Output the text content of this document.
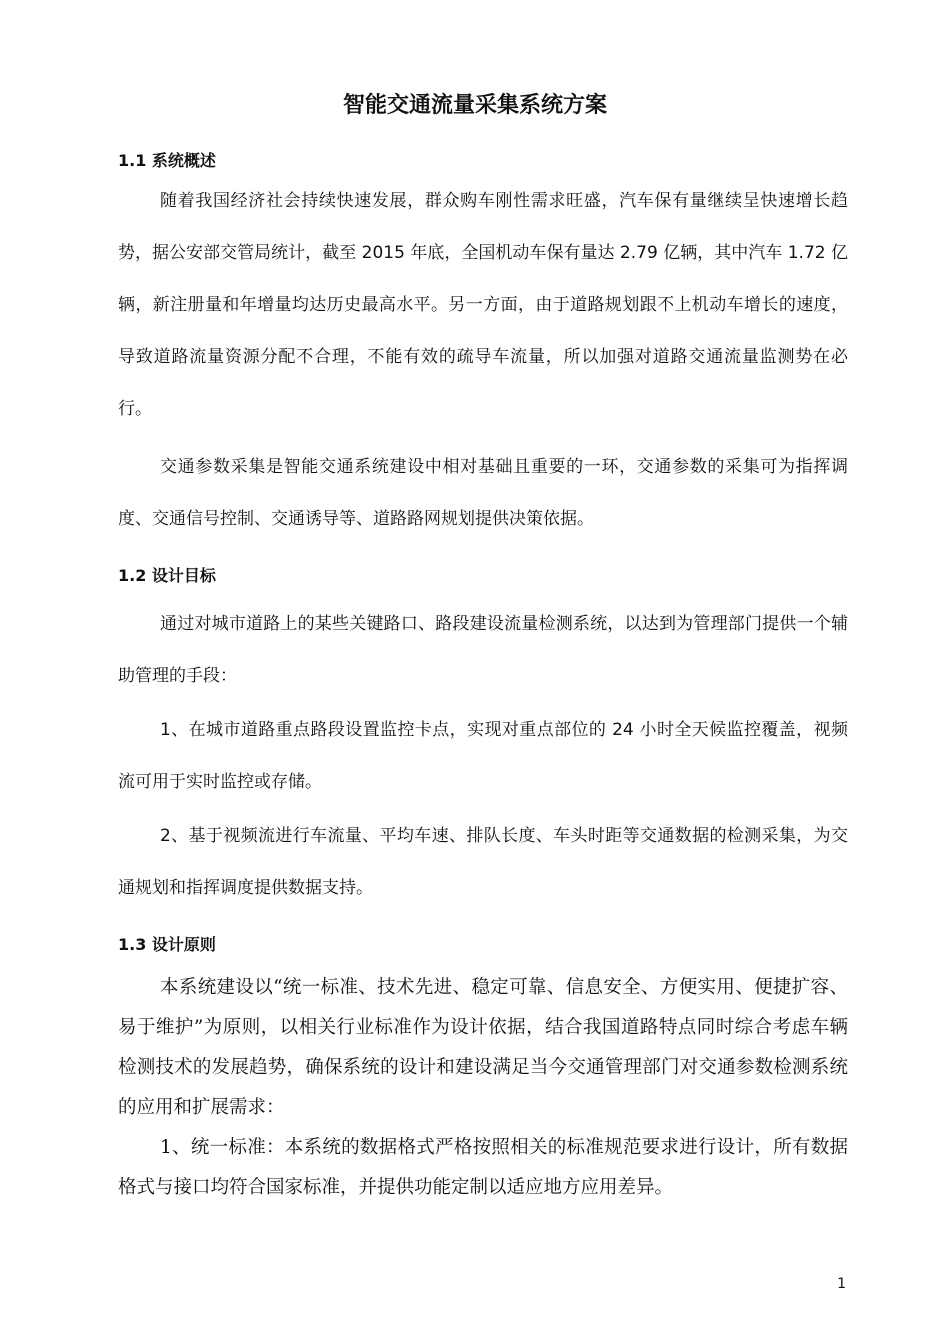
智能交通流量采集系统方案
1.1 系统概述

随着我国经济社会持续快速发展，群众购车刚性需求旺盛，汽车保有量继续呈快速增长趋势，据公安部交管局统计，截至 2015 年底，全国机动车保有量达 2.79 亿辆，其中汽车 1.72 亿辆，新注册量和年增量均达历史最高水平。另一方面，由于道路规划跟不上机动车增长的速度，导致道路流量资源分配不合理，不能有效的疏导车流量，所以加强对道路交通流量监测势在必行。

交通参数采集是智能交通系统建设中相对基础且重要的一环，交通参数的采集可为指挥调度、交通信号控制、交通诱导等、道路路网规划提供决策依据。

1.2 设计目标

通过对城市道路上的某些关键路口、路段建设流量检测系统，以达到为管理部门提供一个辅助管理的手段：

1、在城市道路重点路段设置监控卡点，实现对重点部位的 24 小时全天候监控覆盖，视频流可用于实时监控或存储。

2、基于视频流进行车流量、平均车速、排队长度、车头时距等交通数据的检测采集，为交通规划和指挥调度提供数据支持。

1.3 设计原则

本系统建设以“统一标准、技术先进、稳定可靠、信息安全、方便实用、便捷扩容、易于维护”为原则，以相关行业标准作为设计依据，结合我国道路特点同时综合考虑车辆检测技术的发展趋势，确保系统的设计和建设满足当今交通管理部门对交通参数检测系统的应用和扩展需求：

1、统一标准：本系统的数据格式严格按照相关的标准规范要求进行设计，所有数据格式与接口均符合国家标准，并提供功能定制以适应地方应用差异。

1
